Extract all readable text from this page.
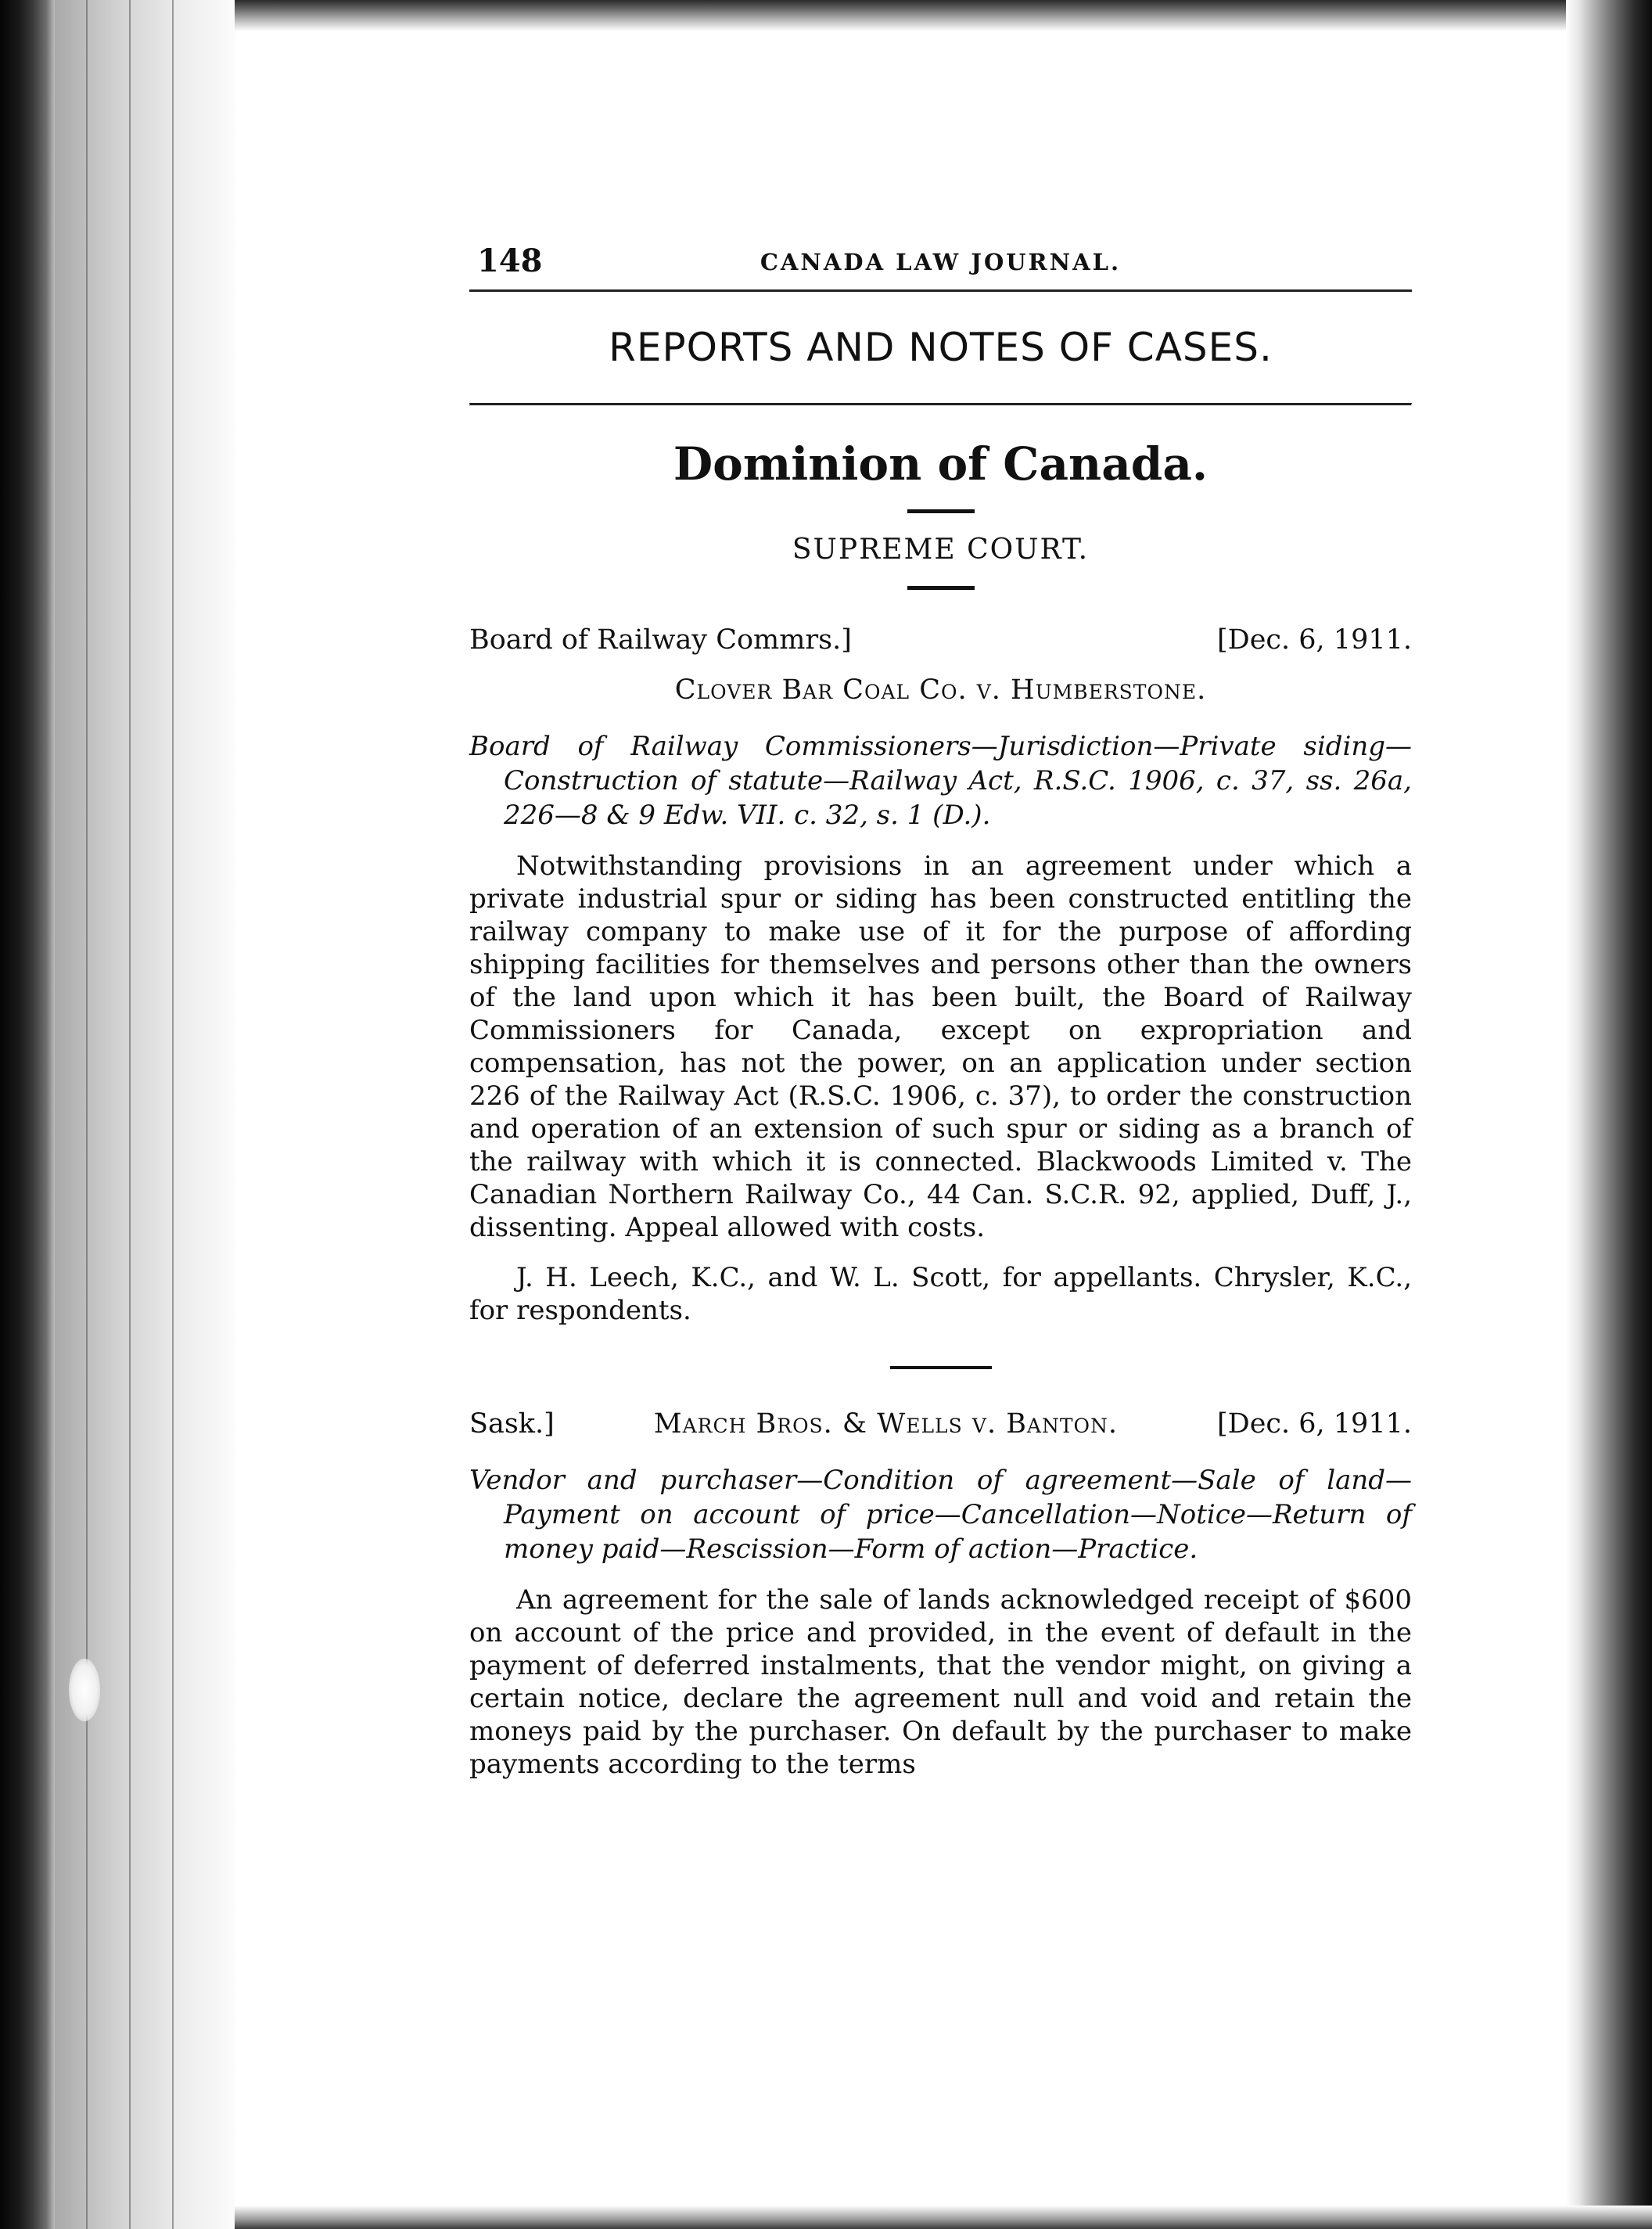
148	CANADA LAW JOURNAL.
REPORTS AND NOTES OF CASES.
Dominion of Canada.
SUPREME COURT.
Board of Railway Commrs.]	[Dec. 6, 1911.
Clover Bar Coal Co. v. Humberstone.
Board of Railway Commissioners—Jurisdiction—Private siding—Construction of statute—Railway Act, R.S.C. 1906, c. 37, ss. 26a, 226—8 & 9 Edw. VII. c. 32, s. 1 (D.).

Notwithstanding provisions in an agreement under which a private industrial spur or siding has been constructed entitling the railway company to make use of it for the purpose of affording shipping facilities for themselves and persons other than the owners of the land upon which it has been built, the Board of Railway Commissioners for Canada, except on expropriation and compensation, has not the power, on an application under section 226 of the Railway Act (R.S.C. 1906, c. 37), to order the construction and operation of an extension of such spur or siding as a branch of the railway with which it is connected. Blackwoods Limited v. The Canadian Northern Railway Co., 44 Can. S.C.R. 92, applied, Duff, J., dissenting. Appeal allowed with costs.

J. H. Leech, K.C., and W. L. Scott, for appellants. Chrysler, K.C., for respondents.

Sask.]	March Bros. & Wells v. Banton.	[Dec. 6, 1911.
Vendor and purchaser—Condition of agreement—Sale of land—Payment on account of price—Cancellation—Notice—Return of money paid—Rescission—Form of action—Practice.

An agreement for the sale of lands acknowledged receipt of $600 on account of the price and provided, in the event of default in the payment of deferred instalments, that the vendor might, on giving a certain notice, declare the agreement null and void and retain the moneys paid by the purchaser. On default by the purchaser to make payments according to the terms
